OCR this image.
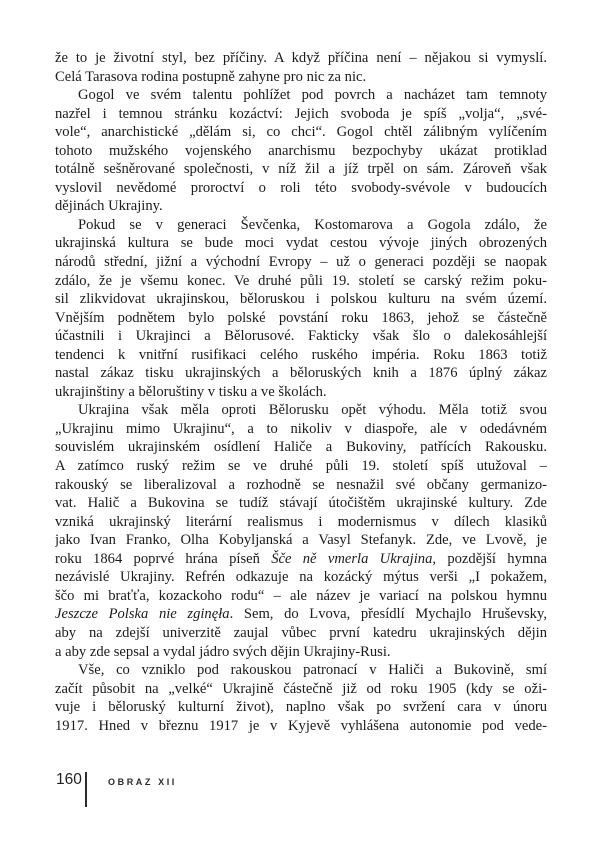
že to je životní styl, bez příčiny. A když příčina není – nějakou si vymyslí.
Celá Tarasova rodina postupně zahyne pro nic za nic.
Gogol ve svém talentu pohlížet pod povrch a nacházet tam temnoty
nazřel i temnou stránku kozáctví: Jejich svoboda je spíš „volja“, „své-
vole“, anarchistické „dělám si, co chci“. Gogol chtěl zálibným vylíčením
tohoto mužského vojenského anarchismu bezpochyby ukázat protiklad
totálně sešněrované společnosti, v níž žil a jíž trpěl on sám. Zároveň však
vyslovil nevědomé proroctví o roli této svobody-svévole v budoucích
dějinách Ukrajiny.
Pokud se v generaci Ševčenka, Kostomarova a Gogola zdálo, že
ukrajinská kultura se bude moci vydat cestou vývoje jiných obrozených
národů střední, jižní a východní Evropy – už o generaci později se naopak
zdálo, že je všemu konec. Ve druhé půli 19. století se carský režim poku-
sil zlikvidovat ukrajinskou, běloruskou i polskou kulturu na svém území.
Vnějším podnětem bylo polské povstání roku 1863, jehož se částečně
účastnili i Ukrajinci a Bělorusové. Fakticky však šlo o dalekosáhlejší
tendenci k vnitřní rusifikaci celého ruského impéria. Roku 1863 totiž
nastal zákaz tisku ukrajinských a běloruských knih a 1876 úplný zákaz
ukrajinštiny a běloruštiny v tisku a ve školách.
Ukrajina však měla oproti Bělorusku opět výhodu. Měla totiž svou
„Ukrajinu mimo Ukrajinu“, a to nikoliv v diaspoře, ale v odedávném
souvislém ukrajinském osídlení Haliče a Bukoviny, patřících Rakousku.
A zatímco ruský režim se ve druhé půli 19. století spíš utužoval –
rakouský se liberalizoval a rozhodně se nesnažil své občany germanizo-
vat. Halič a Bukovina se tudíž stávají útočištěm ukrajinské kultury. Zde
vzniká ukrajinský literární realismus i modernismus v dílech klasiků
jako Ivan Franko, Olha Kobyljanská a Vasyl Stefanyk. Zde, ve Lvově, je
roku 1864 poprvé hrána píseň Šče ně vmerla Ukrajina, pozdější hymna
nezávislé Ukrajiny. Refrén odkazuje na kozácký mýtus verši „I pokažem,
ščo mi braťťa, kozackoho rodu“ – ale název je variací na polskou hymnu
Jeszcze Polska nie zginęła. Sem, do Lvova, přesídlí Mychajlo Hruševsky,
aby na zdejší univerzitě zaujal vůbec první katedru ukrajinských dějin
a aby zde sepsal a vydal jádro svých dějin Ukrajiny-Rusi.
Vše, co vzniklo pod rakouskou patronací v Haliči a Bukovině, smí
začít působit na „velké“ Ukrajině částečně již od roku 1905 (kdy se oži-
vuje i běloruský kulturní život), naplno však po svržení cara v únoru
1917. Hned v březnu 1917 je v Kyjevě vyhlášena autonomie pod vede-
160	OBRAZ XII
